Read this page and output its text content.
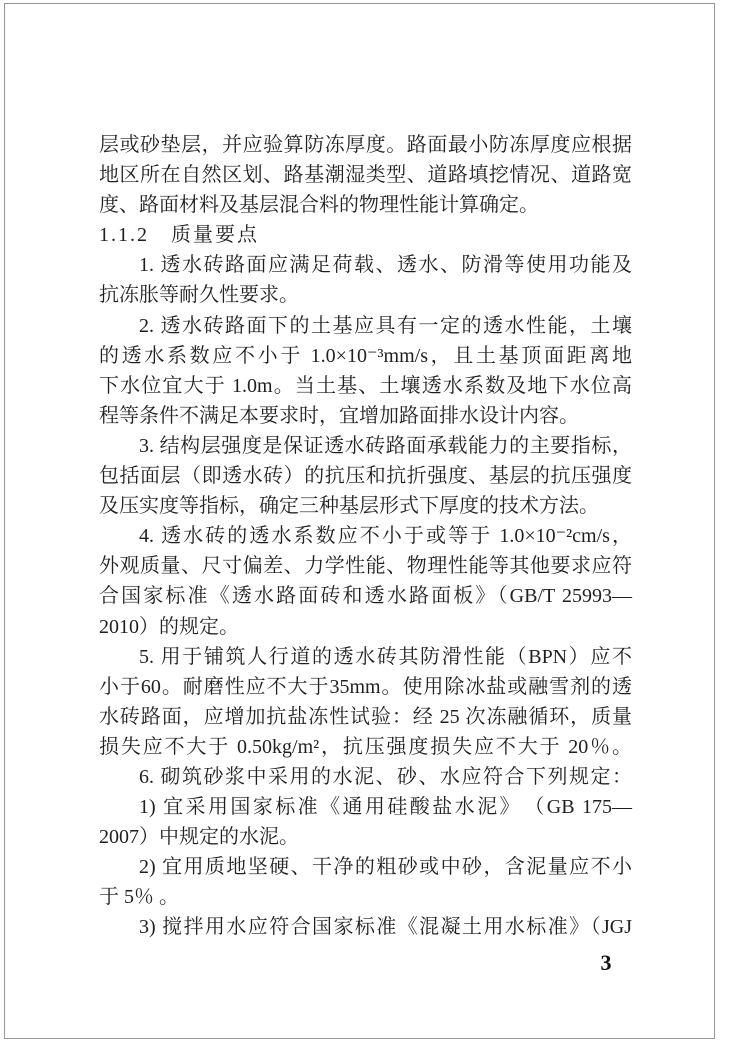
层或砂垫层，并应验算防冻厚度。路面最小防冻厚度应根据
地区所在自然区划、路基潮湿类型、道路填挖情况、道路宽
度、路面材料及基层混合料的物理性能计算确定。
1.1.2　质量要点
1. 透水砖路面应满足荷载、透水、防滑等使用功能及
抗冻胀等耐久性要求。
2. 透水砖路面下的土基应具有一定的透水性能，土壤
的透水系数应不小于 1.0×10⁻³mm/s，且土基顶面距离地
下水位宜大于 1.0m。当土基、土壤透水系数及地下水位高
程等条件不满足本要求时，宜增加路面排水设计内容。
3. 结构层强度是保证透水砖路面承载能力的主要指标，
包括面层（即透水砖）的抗压和抗折强度、基层的抗压强度
及压实度等指标，确定三种基层形式下厚度的技术方法。
4. 透水砖的透水系数应不小于或等于 1.0×10⁻²cm/s，
外观质量、尺寸偏差、力学性能、物理性能等其他要求应符
合国家标准《透水路面砖和透水路面板》（GB/T 25993—
2010）的规定。
5. 用于铺筑人行道的透水砖其防滑性能（BPN）应不
小于60。耐磨性应不大于35mm。使用除冰盐或融雪剂的透
水砖路面，应增加抗盐冻性试验：经 25 次冻融循环，质量
损失应不大于 0.50kg/m²，抗压强度损失应不大于 20％。
6. 砌筑砂浆中采用的水泥、砂、水应符合下列规定：
1) 宜采用国家标准《通用硅酸盐水泥》　（GB 175—
2007）中规定的水泥。
2) 宜用质地坚硬、干净的粗砂或中砂，含泥量应不小
于 5％ 。
3) 搅拌用水应符合国家标准《混凝土用水标准》（JGJ
3
